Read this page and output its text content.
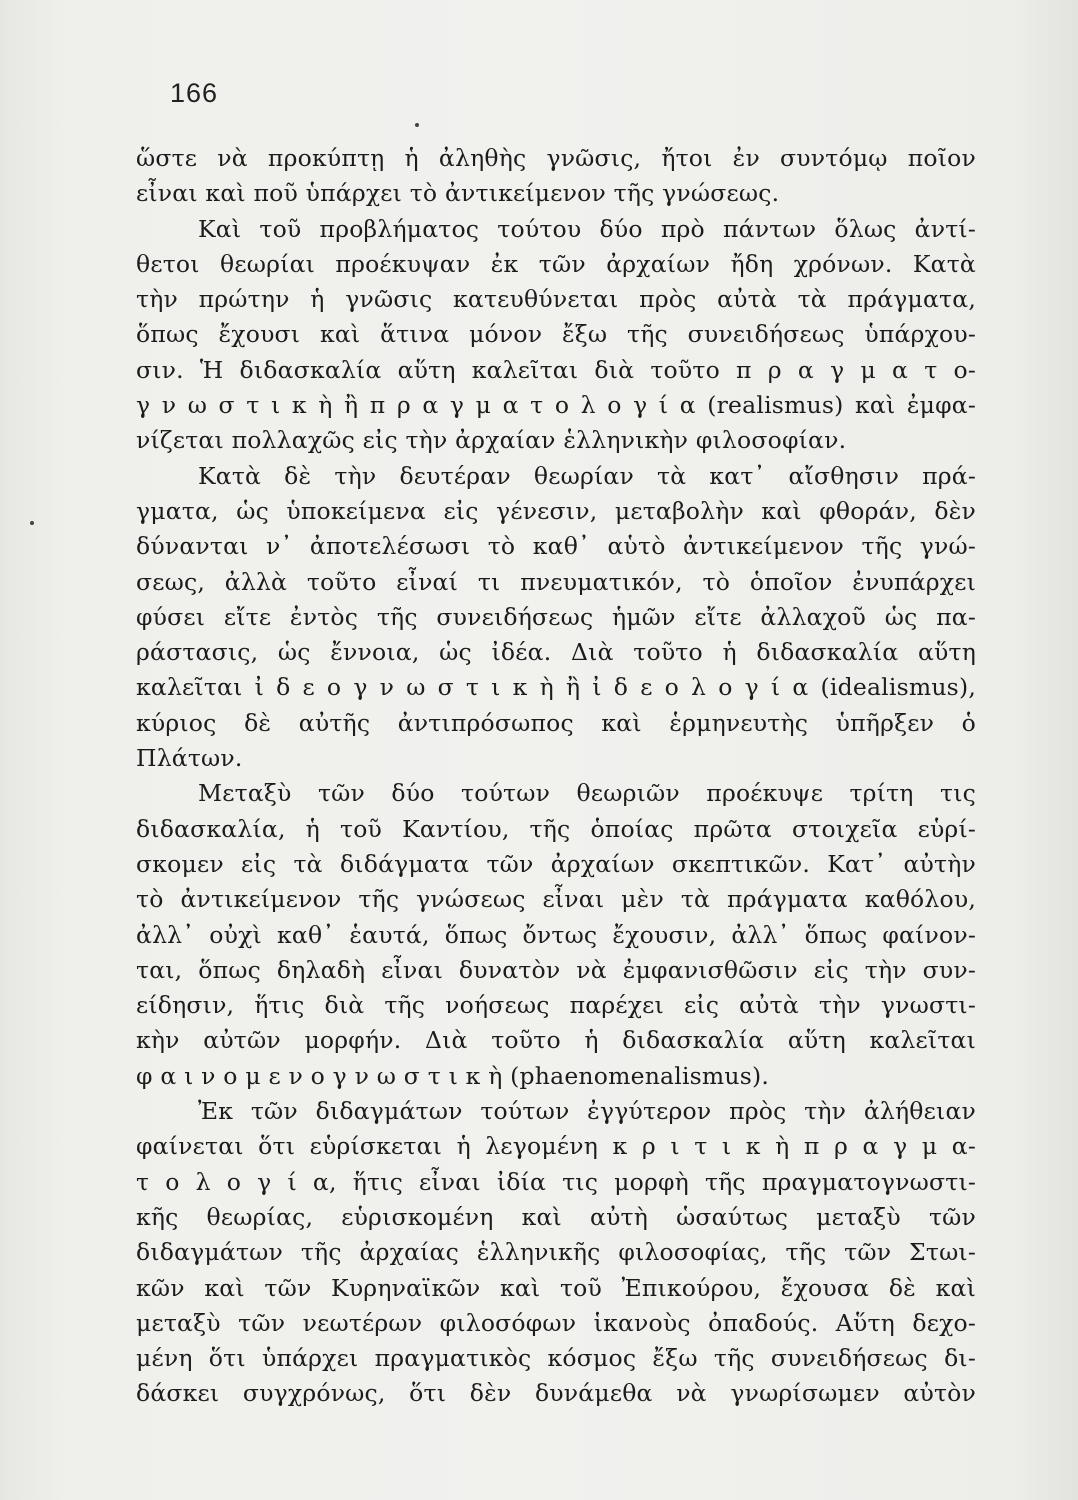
166
ὥστε νὰ προκύπτῃ ἡ ἀληθὴς γνῶσις, ἤτοι ἐν συντόμῳ ποῖον
εἶναι καὶ ποῦ ὑπάρχει τὸ ἀντικείμενον τῆς γνώσεως.
Καὶ τοῦ προβλήματος τούτου δύο πρὸ πάντων ὅλως ἀντί-
θετοι θεωρίαι προέκυψαν ἐκ τῶν ἀρχαίων ἤδη χρόνων. Κατὰ
τὴν πρώτην ἡ γνῶσις κατευθύνεται πρὸς αὐτὰ τὰ πράγματα,
ὅπως ἔχουσι καὶ ἅτινα μόνον ἔξω τῆς συνειδήσεως ὑπάρχου-
σιν. Ἡ διδασκαλία αὕτη καλεῖται διὰ τοῦτο π ρ α γ μ α τ ο-
γ ν ω σ τ ι κ ὴ ἢ π ρ α γ μ α τ ο λ ο γ ί α (realismus) καὶ ἐμφα-
νίζεται πολλαχῶς εἰς τὴν ἀρχαίαν ἑλληνικὴν φιλοσοφίαν.
Κατὰ δὲ τὴν δευτέραν θεωρίαν τὰ κατ᾽ αἴσθησιν πρά-
γματα, ὡς ὑποκείμενα εἰς γένεσιν, μεταβολὴν καὶ φθοράν, δὲν
δύνανται ν᾽ ἀποτελέσωσι τὸ καθ᾽ αὑτὸ ἀντικείμενον τῆς γνώ-
σεως, ἀλλὰ τοῦτο εἶναί τι πνευματικόν, τὸ ὁποῖον ἐνυπάρχει
φύσει εἴτε ἐντὸς τῆς συνειδήσεως ἡμῶν εἴτε ἀλλαχοῦ ὡς πα-
ράστασις, ὡς ἔννοια, ὡς ἰδέα. Διὰ τοῦτο ἡ διδασκαλία αὕτη
καλεῖται ἰ δ ε ο γ ν ω σ τ ι κ ὴ ἢ ἰ δ ε ο λ ο γ ί α (idealismus),
κύριος δὲ αὐτῆς ἀντιπρόσωπος καὶ ἑρμηνευτὴς ὑπῆρξεν ὁ
Πλάτων.
Μεταξὺ τῶν δύο τούτων θεωριῶν προέκυψε τρίτη τις
διδασκαλία, ἡ τοῦ Καντίου, τῆς ὁποίας πρῶτα στοιχεῖα εὑρί-
σκομεν εἰς τὰ διδάγματα τῶν ἀρχαίων σκεπτικῶν. Κατ᾽ αὐτὴν
τὸ ἀντικείμενον τῆς γνώσεως εἶναι μὲν τὰ πράγματα καθόλου,
ἀλλ᾽ οὐχὶ καθ᾽ ἑαυτά, ὅπως ὄντως ἔχουσιν, ἀλλ᾽ ὅπως φαίνον-
ται, ὅπως δηλαδὴ εἶναι δυνατὸν νὰ ἐμφανισθῶσιν εἰς τὴν συν-
είδησιν, ἥτις διὰ τῆς νοήσεως παρέχει εἰς αὐτὰ τὴν γνωστι-
κὴν αὐτῶν μορφήν. Διὰ τοῦτο ἡ διδασκαλία αὕτη καλεῖται
φ α ι ν ο μ ε ν ο γ ν ω σ τ ι κ ὴ (phaenomenalismus).
Ἐκ τῶν διδαγμάτων τούτων ἐγγύτερον πρὸς τὴν ἀλήθειαν
φαίνεται ὅτι εὑρίσκεται ἡ λεγομένη κ ρ ι τ ι κ ὴ π ρ α γ μ α-
τ ο λ ο γ ί α, ἥτις εἶναι ἰδία τις μορφὴ τῆς πραγματογνωστι-
κῆς θεωρίας, εὑρισκομένη καὶ αὐτὴ ὡσαύτως μεταξὺ τῶν
διδαγμάτων τῆς ἀρχαίας ἑλληνικῆς φιλοσοφίας, τῆς τῶν Στωι-
κῶν καὶ τῶν Κυρηναϊκῶν καὶ τοῦ Ἐπικούρου, ἔχουσα δὲ καὶ
μεταξὺ τῶν νεωτέρων φιλοσόφων ἱκανοὺς ὀπαδούς. Αὕτη δεχο-
μένη ὅτι ὑπάρχει πραγματικὸς κόσμος ἔξω τῆς συνειδήσεως δι-
δάσκει συγχρόνως, ὅτι δὲν δυνάμεθα νὰ γνωρίσωμεν αὐτὸν
